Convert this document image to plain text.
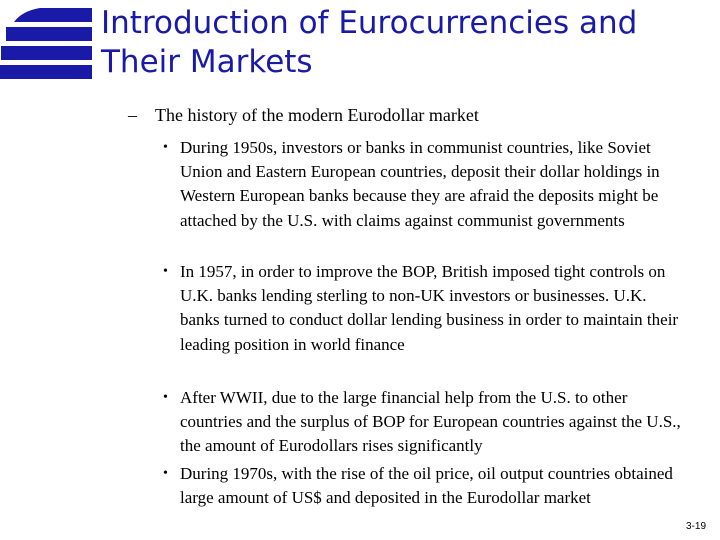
Introduction of Eurocurrencies and Their Markets
– The history of the modern Eurodollar market
• During 1950s, investors or banks in communist countries, like Soviet Union and Eastern European countries, deposit their dollar holdings in Western European banks because they are afraid the deposits might be attached by the U.S. with claims against communist governments
• In 1957, in order to improve the BOP, British imposed tight controls on U.K. banks lending sterling to non-UK investors or businesses. U.K. banks turned to conduct dollar lending business in order to maintain their leading position in world finance
• After WWII, due to the large financial help from the U.S. to other countries and the surplus of BOP for European countries against the U.S., the amount of Eurodollars rises significantly
• During 1970s, with the rise of the oil price, oil output countries obtained large amount of US$ and deposited in the Eurodollar market
3-19
